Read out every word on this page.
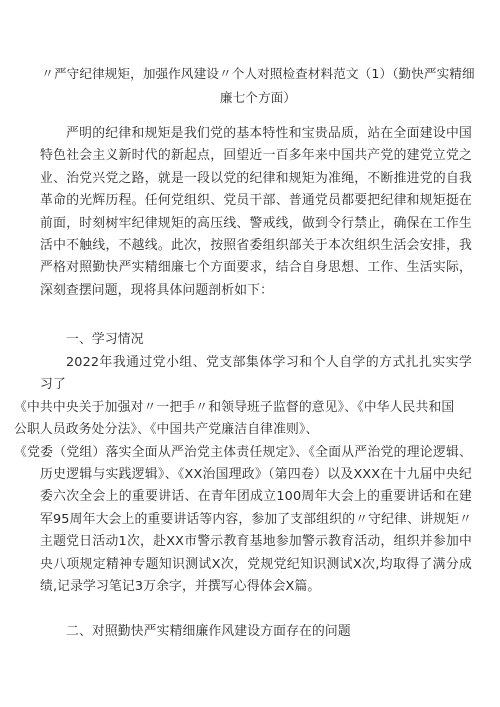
〃严守纪律规矩，加强作风建设〃个人对照检查材料范文（1）（勤快严实精细廉七个方面）
严明的纪律和规矩是我们党的基本特性和宝贵品质，站在全面建设中国特色社会主义新时代的新起点，回望近一百多年来中国共产党的建党立党之业、治党兴党之路，就是一段以党的纪律和规矩为准绳，不断推进党的自我革命的光辉历程。任何党组织、党员干部、普通党员都要把纪律和规矩挺在前面，时刻树牢纪律规矩的高压线、警戒线，做到令行禁止，确保在工作生活中不触线，不越线。此次，按照省委组织部关于本次组织生活会安排，我严格对照勤快严实精细廉七个方面要求，结合自身思想、工作、生活实际，深刻查摆问题，现将具体问题剖析如下：
一、学习情况
2022年我通过党小组、党支部集体学习和个人自学的方式扎扎实实学习了
《中共中央关于加强对〃一把手〃和领导班子监督的意见》、《中华人民共和国
公职人员政务处分法》、《中国共产党廉洁自律准则》、
《党委（党组）落实全面从严治党主体责任规定》、《全面从严治党的理论逻辑、历史逻辑与实践逻辑》、《XX治国理政》（第四卷）以及XXX在十九届中央纪委六次全会上的重要讲话、在青年团成立100周年大会上的重要讲话和在建军95周年大会上的重要讲话等内容，参加了支部组织的〃守纪律、讲规矩〃主题党日活动1次，赴XX市警示教育基地参加警示教育活动，组织并参加中央八项规定精神专题知识测试X次，党规党纪知识测试X次,均取得了满分成绩,记录学习笔记3万余字，并撰写心得体会X篇。
二、对照勤快严实精细廉作风建设方面存在的问题
